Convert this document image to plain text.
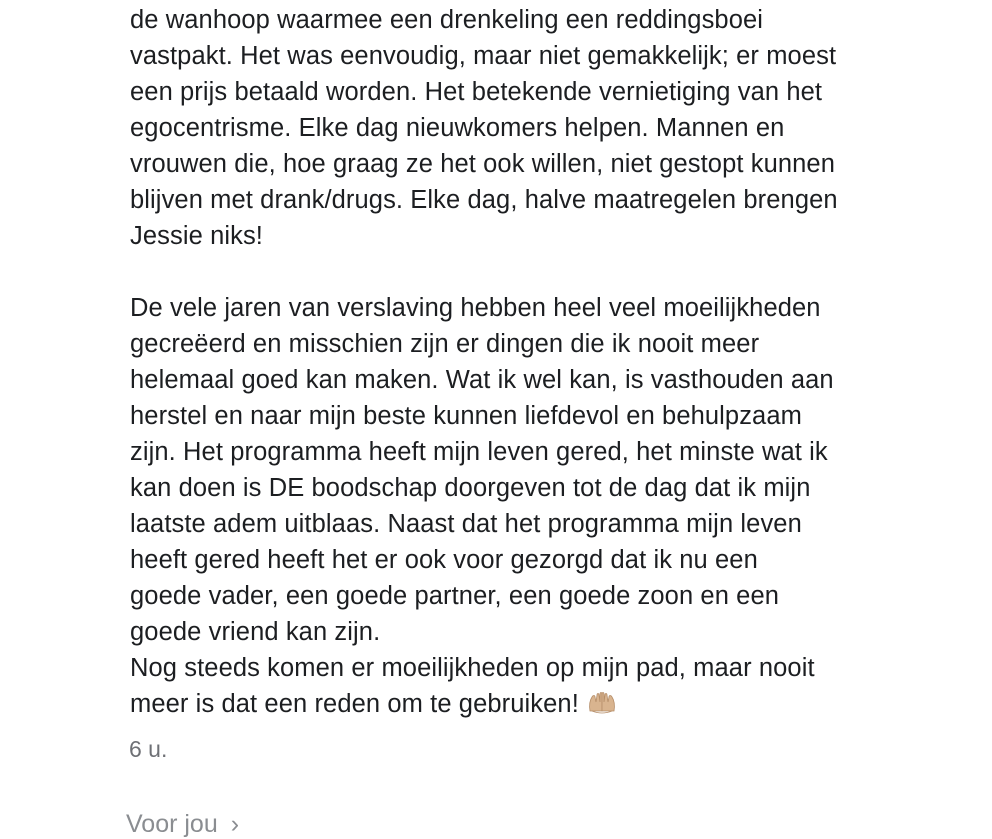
de wanhoop waarmee een drenkeling een reddingsboei
vastpakt. Het was eenvoudig, maar niet gemakkelijk; er moest
een prijs betaald worden. Het betekende vernietiging van het
egocentrisme. Elke dag nieuwkomers helpen. Mannen en
vrouwen die, hoe graag ze het ook willen, niet gestopt kunnen
blijven met drank/drugs. Elke dag, halve maatregelen brengen
Jessie niks!
De vele jaren van verslaving hebben heel veel moeilijkheden
gecreëerd en misschien zijn er dingen die ik nooit meer
helemaal goed kan maken. Wat ik wel kan, is vasthouden aan
herstel en naar mijn beste kunnen liefdevol en behulpzaam
zijn. Het programma heeft mijn leven gered, het minste wat ik
kan doen is DE boodschap doorgeven tot de dag dat ik mijn
laatste adem uitblaas. Naast dat het programma mijn leven
heeft gered heeft het er ook voor gezorgd dat ik nu een
goede vader, een goede partner, een goede zoon en een
goede vriend kan zijn.
Nog steeds komen er moeilijkheden op mijn pad, maar nooit
meer is dat een reden om te gebruiken!
6 u.
Voor jou ›
